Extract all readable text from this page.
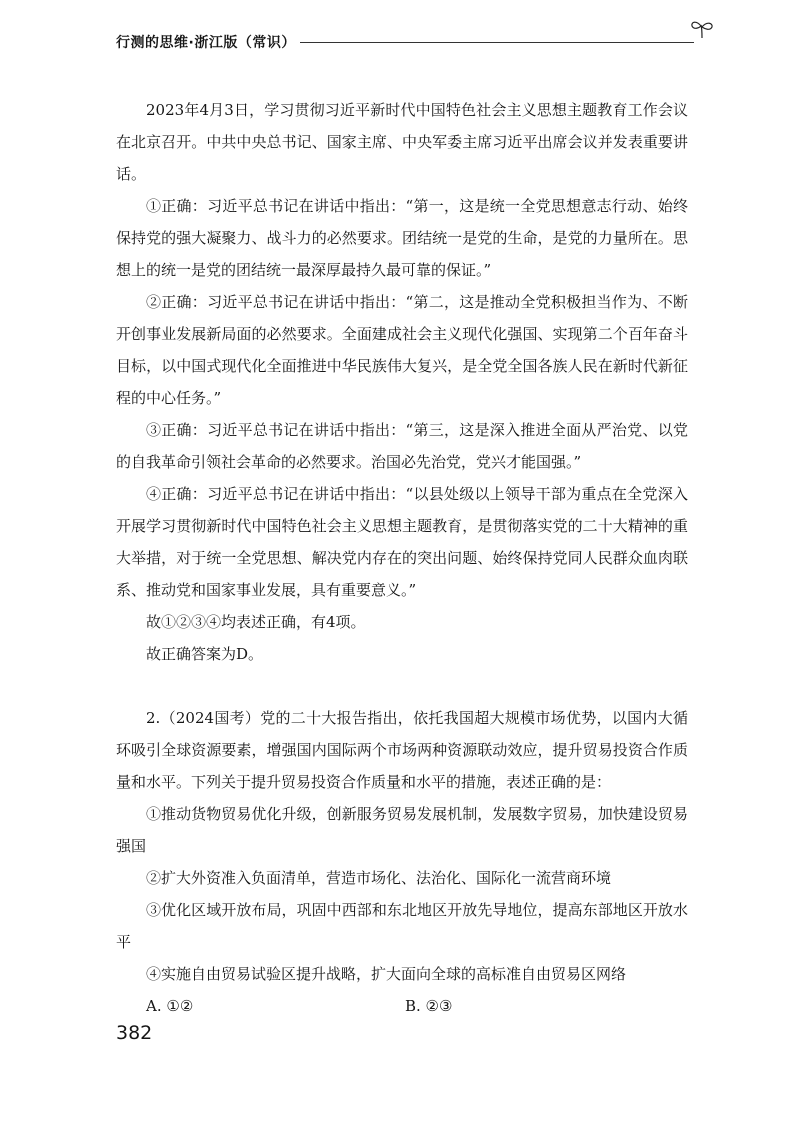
行测的思维·浙江版（常识）

2023年4月3日，学习贯彻习近平新时代中国特色社会主义思想主题教育工作会议在北京召开。中共中央总书记、国家主席、中央军委主席习近平出席会议并发表重要讲话。

①正确：习近平总书记在讲话中指出：“第一，这是统一全党思想意志行动、始终保持党的强大凝聚力、战斗力的必然要求。团结统一是党的生命，是党的力量所在。思想上的统一是党的团结统一最深厚最持久最可靠的保证。”

②正确：习近平总书记在讲话中指出：“第二，这是推动全党积极担当作为、不断开创事业发展新局面的必然要求。全面建成社会主义现代化强国、实现第二个百年奋斗目标，以中国式现代化全面推进中华民族伟大复兴，是全党全国各族人民在新时代新征程的中心任务。”

③正确：习近平总书记在讲话中指出：“第三，这是深入推进全面从严治党、以党的自我革命引领社会革命的必然要求。治国必先治党，党兴才能国强。”

④正确：习近平总书记在讲话中指出：“以县处级以上领导干部为重点在全党深入开展学习贯彻新时代中国特色社会主义思想主题教育，是贯彻落实党的二十大精神的重大举措，对于统一全党思想、解决党内存在的突出问题、始终保持党同人民群众血肉联系、推动党和国家事业发展，具有重要意义。”

故①②③④均表述正确，有4项。

故正确答案为D。

2.（2024国考）党的二十大报告指出，依托我国超大规模市场优势，以国内大循环吸引全球资源要素，增强国内国际两个市场两种资源联动效应，提升贸易投资合作质量和水平。下列关于提升贸易投资合作质量和水平的措施，表述正确的是：

①推动货物贸易优化升级，创新服务贸易发展机制，发展数字贸易，加快建设贸易强国

②扩大外资准入负面清单，营造市场化、法治化、国际化一流营商环境

③优化区域开放布局，巩固中西部和东北地区开放先导地位，提高东部地区开放水平

④实施自由贸易试验区提升战略，扩大面向全球的高标准自由贸易区网络

A. ①②	B. ②③
382
